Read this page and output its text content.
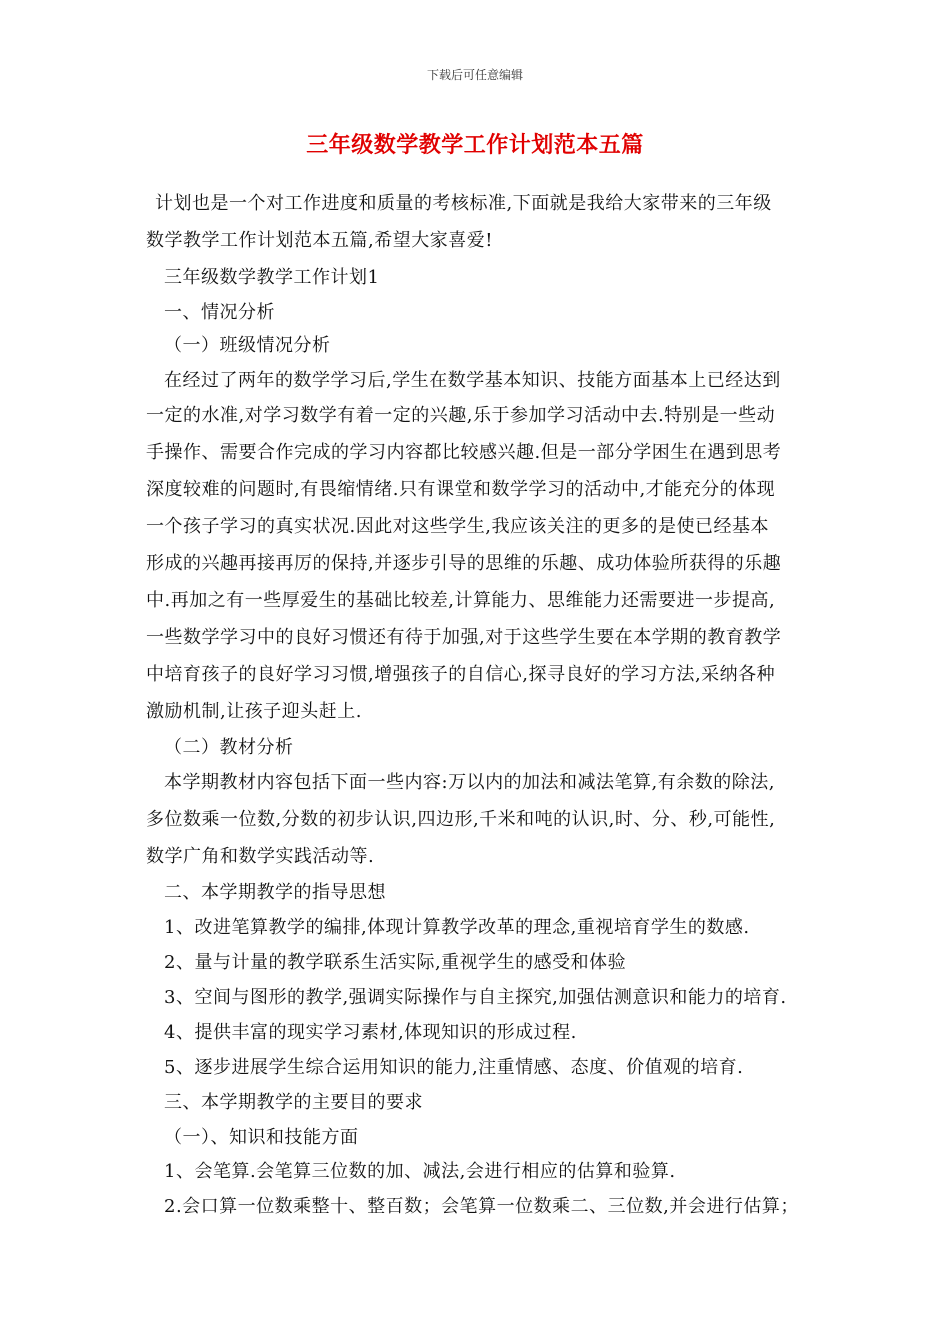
下载后可任意编辑
三年级数学教学工作计划范本五篇
计划也是一个对工作进度和质量的考核标准,下面就是我给大家带来的三年级
数学教学工作计划范本五篇,希望大家喜爱!
三年级数学教学工作计划1
一、情况分析
（一）班级情况分析
在经过了两年的数学学习后,学生在数学基本知识、技能方面基本上已经达到
一定的水准,对学习数学有着一定的兴趣,乐于参加学习活动中去.特别是一些动
手操作、需要合作完成的学习内容都比较感兴趣.但是一部分学困生在遇到思考
深度较难的问题时,有畏缩情绪.只有课堂和数学学习的活动中,才能充分的体现
一个孩子学习的真实状况.因此对这些学生,我应该关注的更多的是使已经基本
形成的兴趣再接再厉的保持,并逐步引导的思维的乐趣、成功体验所获得的乐趣
中.再加之有一些厚爱生的基础比较差,计算能力、思维能力还需要进一步提高,
一些数学学习中的良好习惯还有待于加强,对于这些学生要在本学期的教育教学
中培育孩子的良好学习习惯,增强孩子的自信心,探寻良好的学习方法,采纳各种
激励机制,让孩子迎头赶上.
（二）教材分析
本学期教材内容包括下面一些内容:万以内的加法和减法笔算,有余数的除法,
多位数乘一位数,分数的初步认识,四边形,千米和吨的认识,时、分、秒,可能性,
数学广角和数学实践活动等.
二、本学期教学的指导思想
1、改进笔算教学的编排,体现计算教学改革的理念,重视培育学生的数感.
2、量与计量的教学联系生活实际,重视学生的感受和体验
3、空间与图形的教学,强调实际操作与自主探究,加强估测意识和能力的培育.
4、提供丰富的现实学习素材,体现知识的形成过程.
5、逐步进展学生综合运用知识的能力,注重情感、态度、价值观的培育.
三、本学期教学的主要目的要求
（一）、知识和技能方面
1、会笔算.会笔算三位数的加、减法,会进行相应的估算和验算.
2.会口算一位数乘整十、整百数；会笔算一位数乘二、三位数,并会进行估算；
